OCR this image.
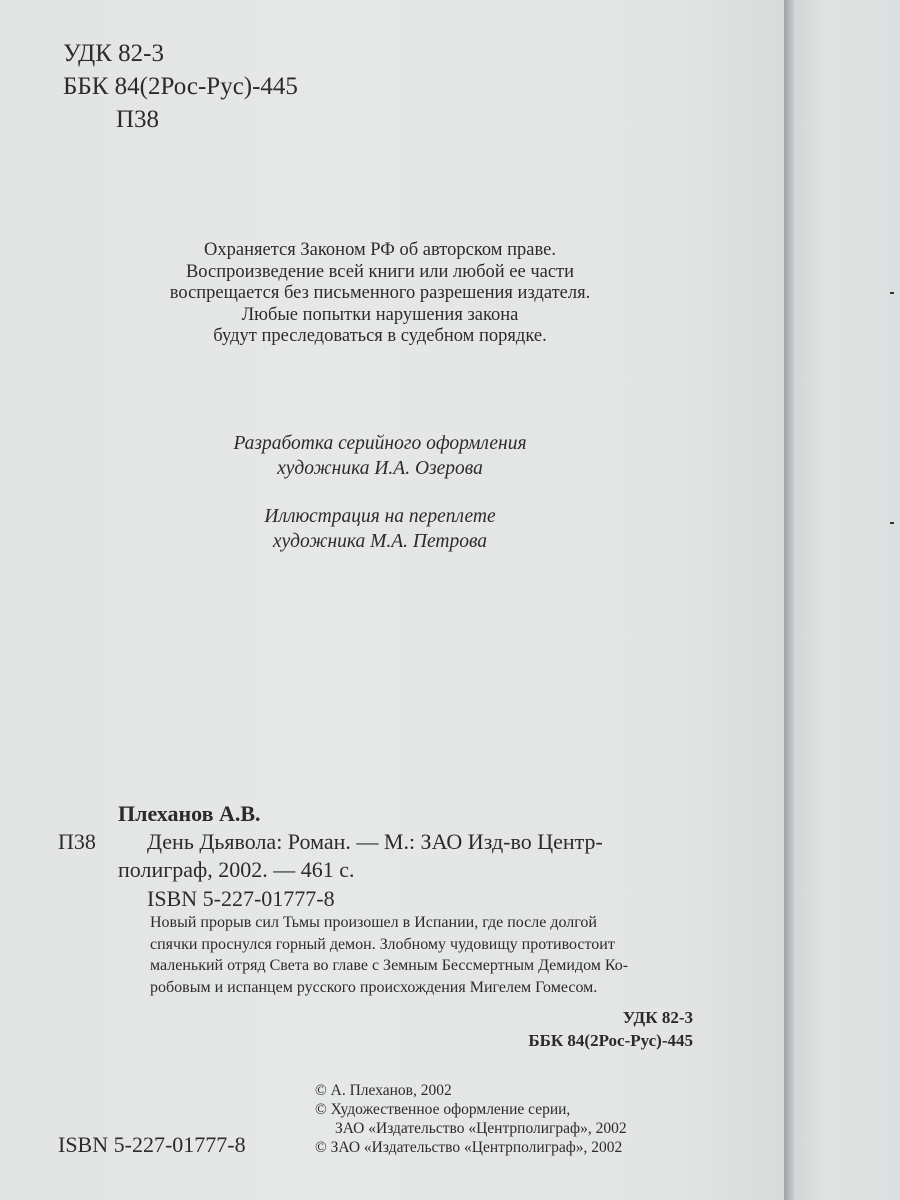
УДК 82-3
ББК 84(2Рос-Рус)-445
П38
Охраняется Законом РФ об авторском праве.
Воспроизведение всей книги или любой ее части
воспрещается без письменного разрешения издателя.
Любые попытки нарушения закона
будут преследоваться в судебном порядке.
Разработка серийного оформления
художника И.А. Озерова
Иллюстрация на переплете
художника М.А. Петрова
Плеханов А.В.
П38 День Дьявола: Роман. — М.: ЗАО Изд-во Центр-
полиграф, 2002. — 461 с.
ISBN 5-227-01777-8
Новый прорыв сил Тьмы произошел в Испании, где после долгой
спячки проснулся горный демон. Злобному чудовищу противостоит
маленький отряд Света во главе с Земным Бессмертным Демидом Ко-
робовым и испанцем русского происхождения Мигелем Гомесом.
УДК 82-3
ББК 84(2Рос-Рус)-445
© А. Плеханов, 2002
© Художественное оформление серии,
ЗАО «Издательство «Центрполиграф», 2002
© ЗАО «Издательство «Центрполиграф», 2002
ISBN 5-227-01777-8
